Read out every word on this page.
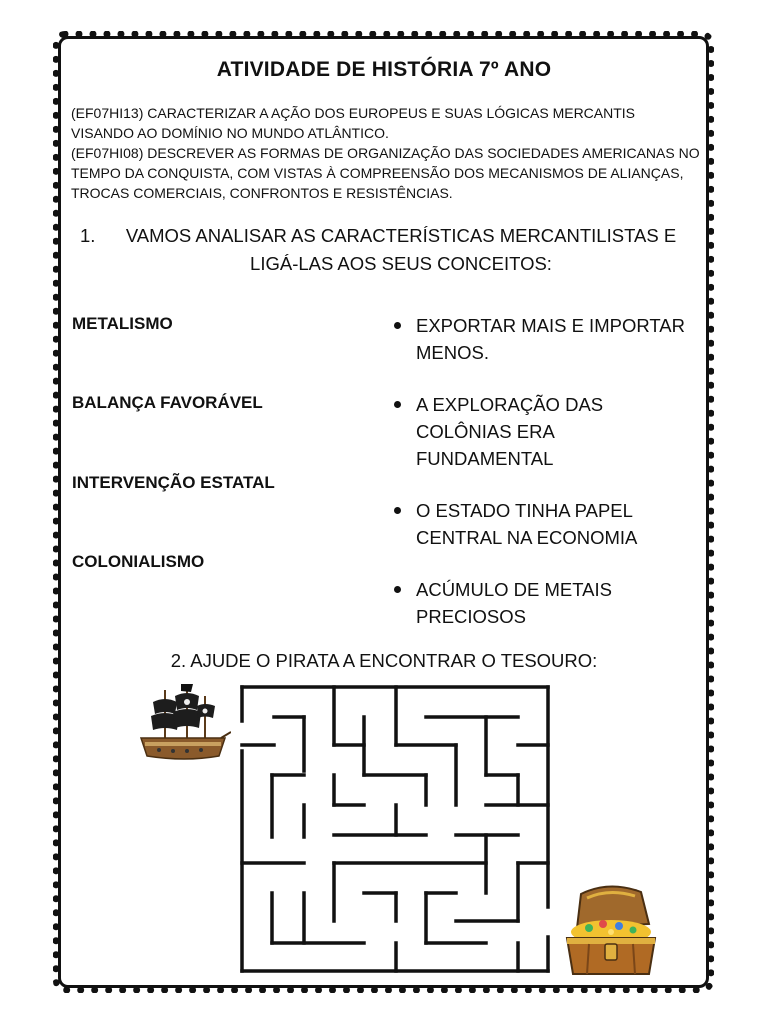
ATIVIDADE DE HISTÓRIA 7º ANO
(EF07HI13) CARACTERIZAR A AÇÃO DOS EUROPEUS E SUAS LÓGICAS MERCANTIS VISANDO AO DOMÍNIO NO MUNDO ATLÂNTICO.
(EF07HI08) DESCREVER AS FORMAS DE ORGANIZAÇÃO DAS SOCIEDADES AMERICANAS NO TEMPO DA CONQUISTA, COM VISTAS À COMPREENSÃO DOS MECANISMOS DE ALIANÇAS, TROCAS COMERCIAIS, CONFRONTOS E RESISTÊNCIAS.
1.	VAMOS ANALISAR AS CARACTERÍSTICAS MERCANTILISTAS E LIGÁ-LAS AOS SEUS CONCEITOS:
METALISMO
BALANÇA FAVORÁVEL
INTERVENÇÃO ESTATAL
COLONIALISMO
EXPORTAR MAIS E IMPORTAR MENOS.
A EXPLORAÇÃO DAS COLÔNIAS ERA FUNDAMENTAL
O ESTADO TINHA PAPEL CENTRAL NA ECONOMIA
ACÚMULO DE METAIS PRECIOSOS
2. AJUDE O PIRATA A ENCONTRAR O TESOURO:
